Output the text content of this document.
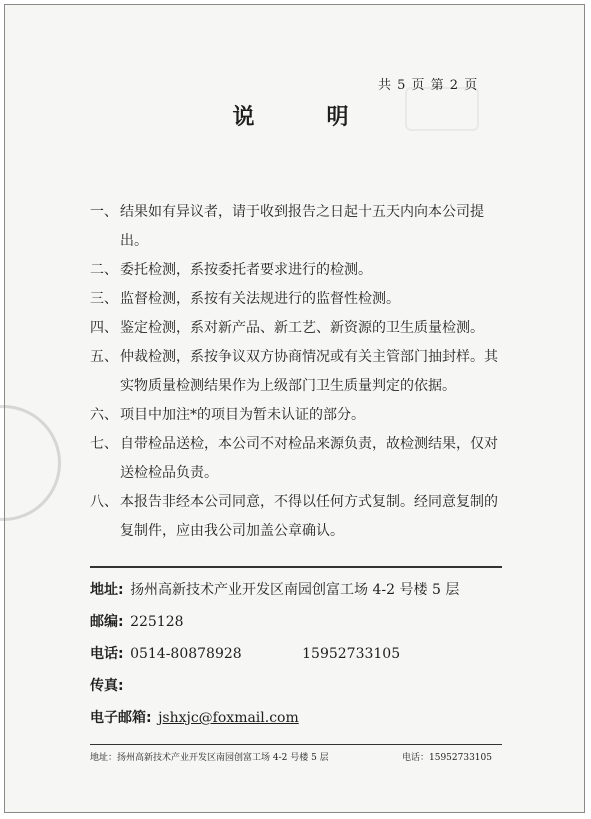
共 5 页 第 2 页
说明
一、 结果如有异议者，请于收到报告之日起十五天内向本公司提出。
二、 委托检测，系按委托者要求进行的检测。
三、 监督检测，系按有关法规进行的监督性检测。
四、 鉴定检测，系对新产品、新工艺、新资源的卫生质量检测。
五、 仲裁检测，系按争议双方协商情况或有关主管部门抽封样。其实物质量检测结果作为上级部门卫生质量判定的依据。
六、 项目中加注*的项目为暂未认证的部分。
七、 自带检品送检，本公司不对检品来源负责，故检测结果，仅对送检检品负责。
八、 本报告非经本公司同意，不得以任何方式复制。经同意复制的复制件，应由我公司加盖公章确认。
地址: 扬州高新技术产业开发区南园创富工场 4-2 号楼 5 层
邮编: 225128
电话: 0514-80878928	15952733105
传真:
电子邮箱: jshxjc@foxmail.com
地址：扬州高新技术产业开发区南园创富工场 4-2 号楼 5 层	电话：15952733105
